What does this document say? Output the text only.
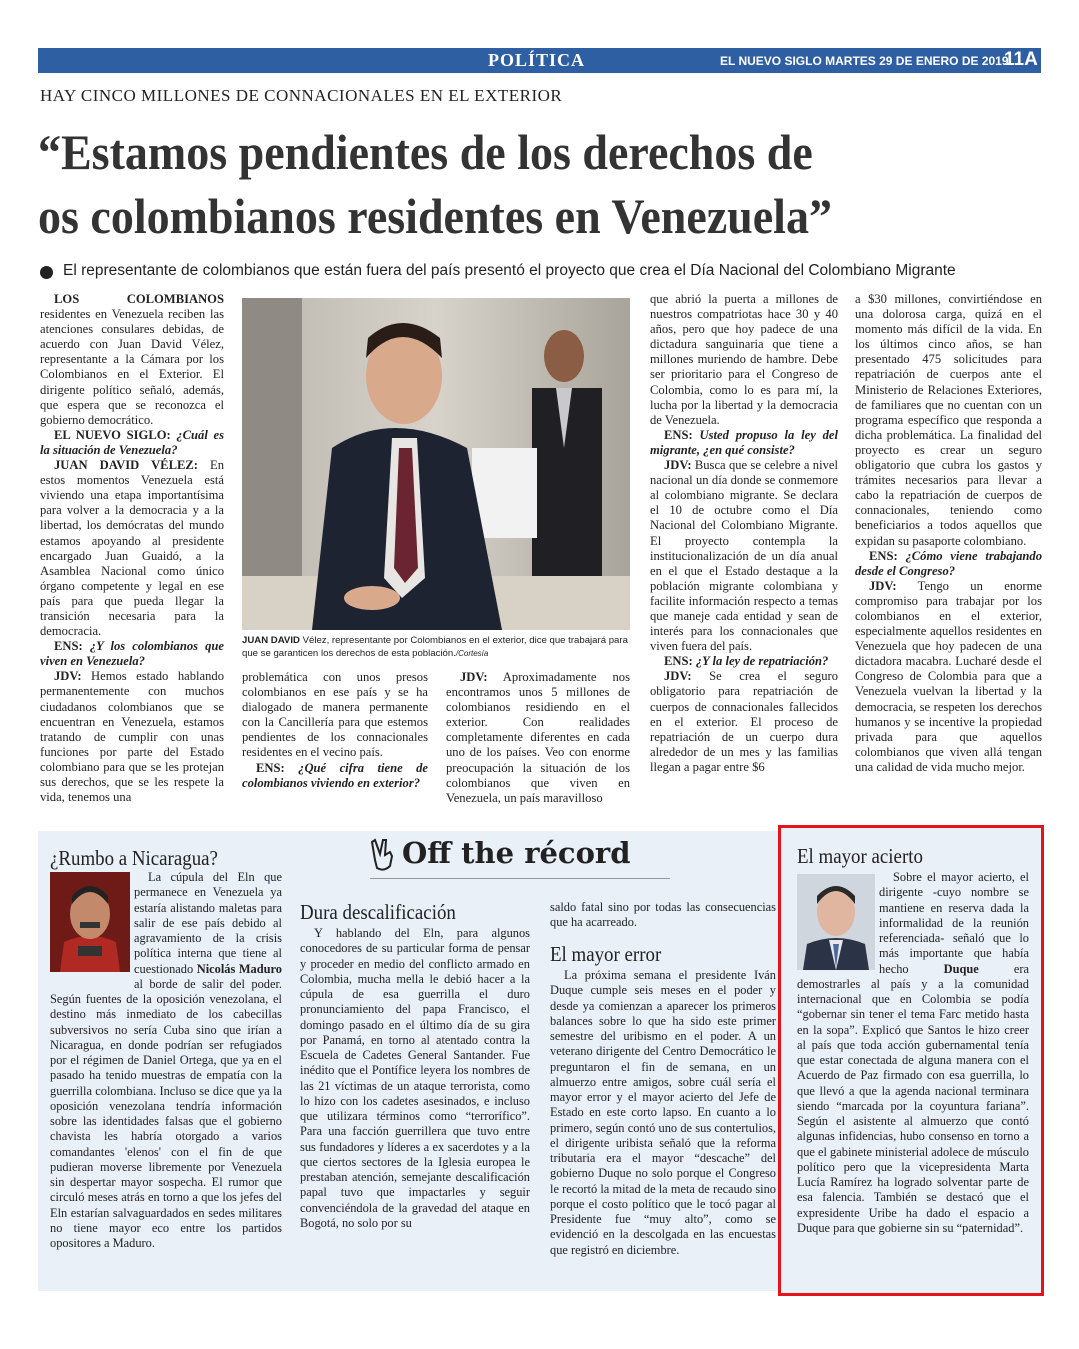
POLÍTICA	EL NUEVO SIGLO MARTES 29 DE ENERO DE 2019
11A
HAY CINCO MILLONES DE CONNACIONALES EN EL EXTERIOR
“Estamos pendientes de los derechos de
os colombianos residentes en Venezuela”
El representante de colombianos que están fuera del país presentó el proyecto que crea el Día Nacional del Colombiano Migrante

LOS COLOMBIANOS residentes en Venezuela reciben las atenciones consulares debidas, de acuerdo con Juan David Vélez, representante a la Cámara por los Colombianos en el Exterior. El dirigente político señaló, además, que espera que se reconozca el gobierno democrático.

EL NUEVO SIGLO: ¿Cuál es la situación de Venezuela?

JUAN DAVID VÉLEZ: En estos momentos Venezuela está viviendo una etapa importantísima para volver a la democracia y a la libertad, los demócratas del mundo estamos apoyando al presidente encargado Juan Guaidó, a la Asamblea Nacional como único órgano competente y legal en ese país para que pueda llegar la transición necesaria para la democracia.

ENS: ¿Y los colombianos que viven en Venezuela?

JDV: Hemos estado hablando permanentemente con muchos ciudadanos colombianos que se encuentran en Venezuela, estamos tratando de cumplir con unas funciones por parte del Estado colombiano para que se les protejan sus derechos, que se les respete la vida, tenemos una

JUAN DAVID Vélez, representante por Colombianos en el exterior, dice que trabajará para que se garanticen los derechos de esta población./Cortesía

problemática con unos presos colombianos en ese país y se ha dialogado de manera permanente con la Cancillería para que estemos pendientes de los connacionales residentes en el vecino país.

ENS: ¿Qué cifra tiene de colombianos viviendo en exterior?

JDV: Aproximadamente nos encontramos unos 5 millones de colombianos residiendo en el exterior. Con realidades completamente diferentes en cada uno de los países. Veo con enorme preocupación la situación de los colombianos que viven en Venezuela, un país maravilloso

que abrió la puerta a millones de nuestros compatriotas hace 30 y 40 años, pero que hoy padece de una dictadura sanguinaria que tiene a millones muriendo de hambre. Debe ser prioritario para el Congreso de Colombia, como lo es para mí, la lucha por la libertad y la democracia de Venezuela.

ENS: Usted propuso la ley del migrante, ¿en qué consiste?

JDV: Busca que se celebre a nivel nacional un día donde se conmemore al colombiano migrante. Se declara el 10 de octubre como el Día Nacional del Colombiano Migrante. El proyecto contempla la institucionalización de un día anual en el que el Estado destaque a la población migrante colombiana y facilite información respecto a temas que maneje cada entidad y sean de interés para los connacionales que viven fuera del país.

ENS: ¿Y la ley de repatriación?

JDV: Se crea el seguro obligatorio para repatriación de cuerpos de connacionales fallecidos en el exterior. El proceso de repatriación de un cuerpo dura alrededor de un mes y las familias llegan a pagar entre $6

a $30 millones, convirtiéndose en una dolorosa carga, quizá en el momento más difícil de la vida. En los últimos cinco años, se han presentado 475 solicitudes para repatriación de cuerpos ante el Ministerio de Relaciones Exteriores, de familiares que no cuentan con un programa específico que responda a dicha problemática. La finalidad del proyecto es crear un seguro obligatorio que cubra los gastos y trámites necesarios para llevar a cabo la repatriación de cuerpos de connacionales, teniendo como beneficiarios a todos aquellos que expidan su pasaporte colombiano.

ENS: ¿Cómo viene trabajando desde el Congreso?

JDV: Tengo un enorme compromiso para trabajar por los colombianos en el exterior, especialmente aquellos residentes en Venezuela que hoy padecen de una dictadora macabra. Lucharé desde el Congreso de Colombia para que a Venezuela vuelvan la libertad y la democracia, se respeten los derechos humanos y se incentive la propiedad privada para que aquellos colombianos que viven allá tengan una calidad de vida mucho mejor.

Off the récord
¿Rumbo a Nicaragua?

La cúpula del Eln que permanece en Venezuela ya estaría alistando maletas para salir de ese país debido al agravamiento de la crisis política interna que tiene al cuestionado Nicolás Maduro al borde de salir del poder. Según fuentes de la oposición venezolana, el destino más inmediato de los cabecillas subversivos no sería Cuba sino que irían a Nicaragua, en donde podrían ser refugiados por el régimen de Daniel Ortega, que ya en el pasado ha tenido muestras de empatía con la guerrilla colombiana. Incluso se dice que ya la oposición venezolana tendría información sobre las identidades falsas que el gobierno chavista les habría otorgado a varios comandantes 'elenos' con el fin de que pudieran moverse libremente por Venezuela sin despertar mayor sospecha. El rumor que circuló meses atrás en torno a que los jefes del Eln estarían salvaguardados en sedes militares no tiene mayor eco entre los partidos opositores a Maduro.

Dura descalificación

Y hablando del Eln, para algunos conocedores de su particular forma de pensar y proceder en medio del conflicto armado en Colombia, mucha mella le debió hacer a la cúpula de esa guerrilla el duro pronunciamiento del papa Francisco, el domingo pasado en el último día de su gira por Panamá, en torno al atentado contra la Escuela de Cadetes General Santander. Fue inédito que el Pontífice leyera los nombres de las 21 víctimas de un ataque terrorista, como lo hizo con los cadetes asesinados, e incluso que utilizara términos como “terrorífico”. Para una facción guerrillera que tuvo entre sus fundadores y líderes a ex sacerdotes y a la que ciertos sectores de la Iglesia europea le prestaban atención, semejante descalificación papal tuvo que impactarles y seguir convenciéndola de la gravedad del ataque en Bogotá, no solo por su

saldo fatal sino por todas las consecuencias que ha acarreado.

El mayor error

La próxima semana el presidente Iván Duque cumple seis meses en el poder y desde ya comienzan a aparecer los primeros balances sobre lo que ha sido este primer semestre del uribismo en el poder. A un veterano dirigente del Centro Democrático le preguntaron el fin de semana, en un almuerzo entre amigos, sobre cuál sería el mayor error y el mayor acierto del Jefe de Estado en este corto lapso. En cuanto a lo primero, según contó uno de sus contertulios, el dirigente uribista señaló que la reforma tributaria era el mayor “descache” del gobierno Duque no solo porque el Congreso le recortó la mitad de la meta de recaudo sino porque el costo político que le tocó pagar al Presidente fue “muy alto”, como se evidenció en la descolgada en las encuestas que registró en diciembre.

El mayor acierto

Sobre el mayor acierto, el dirigente -cuyo nombre se mantiene en reserva dada la informalidad de la reunión referenciada- señaló que lo más importante que había hecho Duque era demostrarles al país y a la comunidad internacional que en Colombia se podía “gobernar sin tener el tema Farc metido hasta en la sopa”. Explicó que Santos le hizo creer al país que toda acción gubernamental tenía que estar conectada de alguna manera con el Acuerdo de Paz firmado con esa guerrilla, lo que llevó a que la agenda nacional terminara siendo “marcada por la coyuntura fariana”. Según el asistente al almuerzo que contó algunas infidencias, hubo consenso en torno a que el gabinete ministerial adolece de músculo político pero que la vicepresidenta Marta Lucía Ramírez ha logrado solventar parte de esa falencia. También se destacó que el expresidente Uribe ha dado el espacio a Duque para que gobierne sin su “paternidad”.
